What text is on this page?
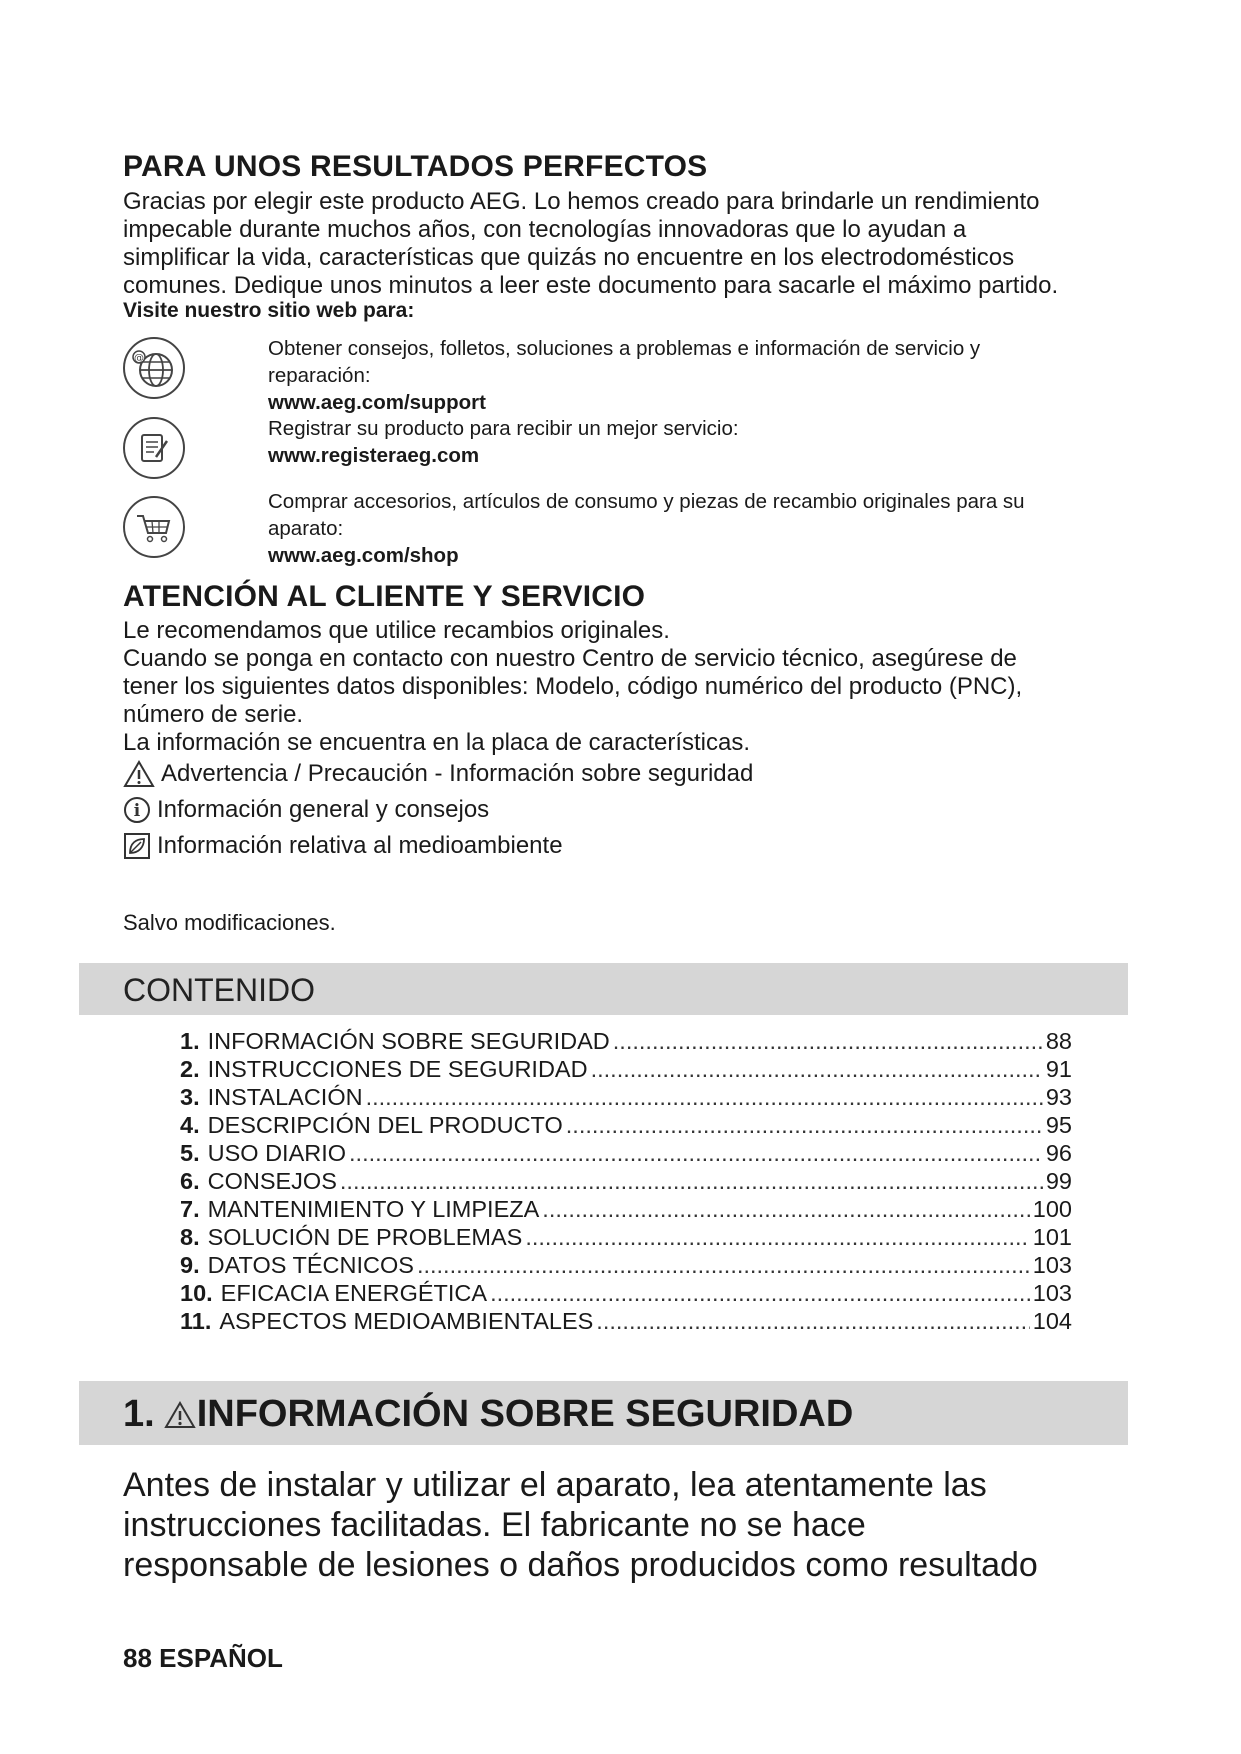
PARA UNOS RESULTADOS PERFECTOS
Gracias por elegir este producto AEG. Lo hemos creado para brindarle un rendimiento
impecable durante muchos años, con tecnologías innovadoras que lo ayudan a
simplificar la vida, características que quizás no encuentre en los electrodomésticos
comunes. Dedique unos minutos a leer este documento para sacarle el máximo partido.
Visite nuestro sitio web para:
@	Obtener consejos, folletos, soluciones a problemas e información de servicio y
reparación:
www.aeg.com/support
Registrar su producto para recibir un mejor servicio:
www.registeraeg.com
Comprar accesorios, artículos de consumo y piezas de recambio originales para su
aparato:
www.aeg.com/shop
ATENCIÓN AL CLIENTE Y SERVICIO
Le recomendamos que utilice recambios originales.
Cuando se ponga en contacto con nuestro Centro de servicio técnico, asegúrese de
tener los siguientes datos disponibles: Modelo, código numérico del producto (PNC),
número de serie.
La información se encuentra en la placa de características.
Advertencia / Precaución - Información sobre seguridad
i Información general y consejos
Información relativa al medioambiente
Salvo modificaciones.
CONTENIDO
1. INFORMACIÓN SOBRE SEGURIDAD .....	88
2. INSTRUCCIONES DE SEGURIDAD .....	91
3. INSTALACIÓN .....	93
4. DESCRIPCIÓN DEL PRODUCTO .....	95
5. USO DIARIO .....	96
6. CONSEJOS .....	99
7. MANTENIMIENTO Y LIMPIEZA .....	100
8. SOLUCIÓN DE PROBLEMAS .....	101
9. DATOS TÉCNICOS .....	103
10. EFICACIA ENERGÉTICA .....	103
11. ASPECTOS MEDIOAMBIENTALES .....	104
1. INFORMACIÓN SOBRE SEGURIDAD
Antes de instalar y utilizar el aparato, lea atentamente las
instrucciones facilitadas. El fabricante no se hace
responsable de lesiones o daños producidos como resultado
88 ESPAÑOL
